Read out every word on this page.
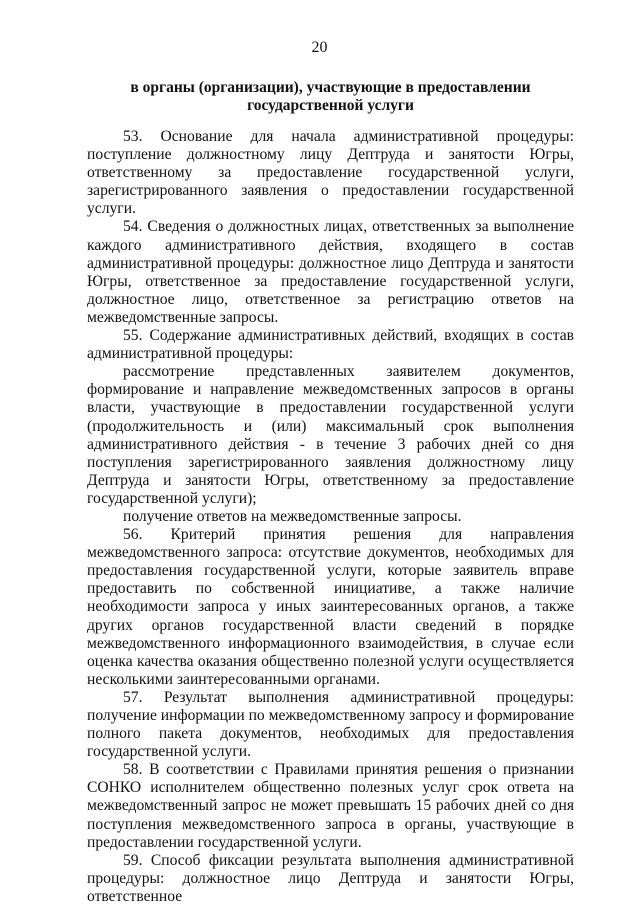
20
в органы (организации), участвующие в предоставлении государственной услуги

53. Основание для начала административной процедуры: поступление должностному лицу Дептруда и занятости Югры, ответственному за предоставление государственной услуги, зарегистрированного заявления о предоставлении государственной услуги.

54. Сведения о должностных лицах, ответственных за выполнение каждого административного действия, входящего в состав административной процедуры: должностное лицо Дептруда и занятости Югры, ответственное за предоставление государственной услуги, должностное лицо, ответственное за регистрацию ответов на межведомственные запросы.

55. Содержание административных действий, входящих в состав административной процедуры:

рассмотрение представленных заявителем документов, формирование и направление межведомственных запросов в органы власти, участвующие в предоставлении государственной услуги (продолжительность и (или) максимальный срок выполнения административного действия - в течение 3 рабочих дней со дня поступления зарегистрированного заявления должностному лицу Дептруда и занятости Югры, ответственному за предоставление государственной услуги);

получение ответов на межведомственные запросы.

56. Критерий принятия решения для направления межведомственного запроса: отсутствие документов, необходимых для предоставления государственной услуги, которые заявитель вправе предоставить по собственной инициативе, а также наличие необходимости запроса у иных заинтересованных органов, а также других органов государственной власти сведений в порядке межведомственного информационного взаимодействия, в случае если оценка качества оказания общественно полезной услуги осуществляется несколькими заинтересованными органами.

57. Результат выполнения административной процедуры: получение информации по межведомственному запросу и формирование полного пакета документов, необходимых для предоставления государственной услуги.

58. В соответствии с Правилами принятия решения о признании СОНКО исполнителем общественно полезных услуг срок ответа на межведомственный запрос не может превышать 15 рабочих дней со дня поступления межведомственного запроса в органы, участвующие в предоставлении государственной услуги.

59. Способ фиксации результата выполнения административной процедуры: должностное лицо Дептруда и занятости Югры, ответственное
